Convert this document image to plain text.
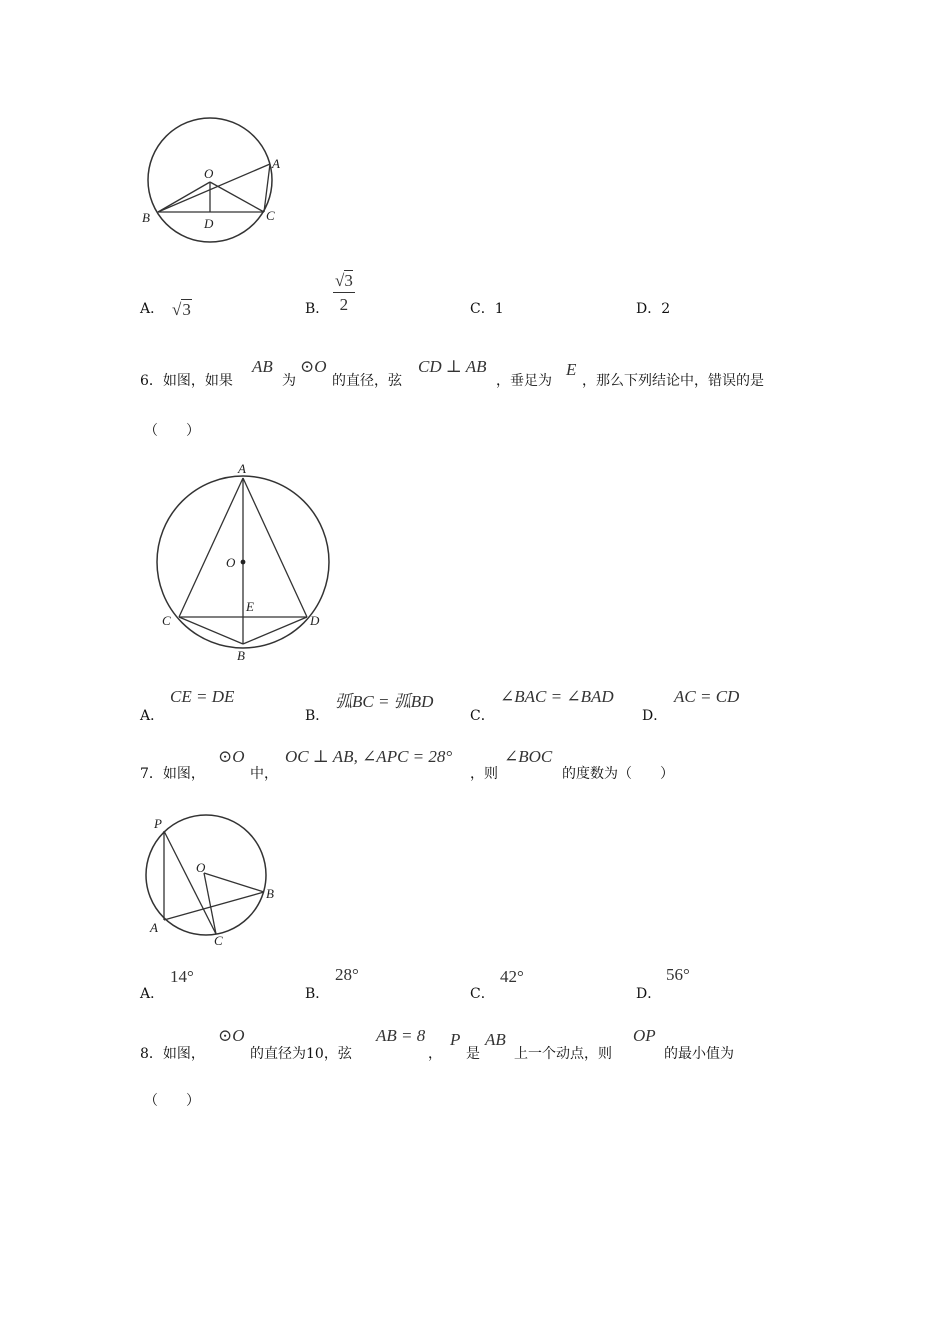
O
A
B	D
C
A． √3	B． $\frac{√3}{2}$	C．1	D．2
6．如图，如果
AB
为
⊙O
的直径，弦
CD ⊥ AB
，垂足为
E
，那么下列结论中，错误的是
（　　）
A
O
E
C	D
B
A．
CE = DE
B．
弧BC = 弧BD
C．
∠BAC = ∠BAD
D．
AC = CD
7．如图，
⊙O
中，
OC ⊥ AB, ∠APC = 28°
，则
∠BOC
的度数为（　　）
P
O
B
A
C
A．
14°
B．
28°
C．
42°
D．
56°
8．如图，
⊙O
的直径为10，弦
AB = 8
，
P
是
AB
上一个动点，则
OP
的最小值为
（　　）
